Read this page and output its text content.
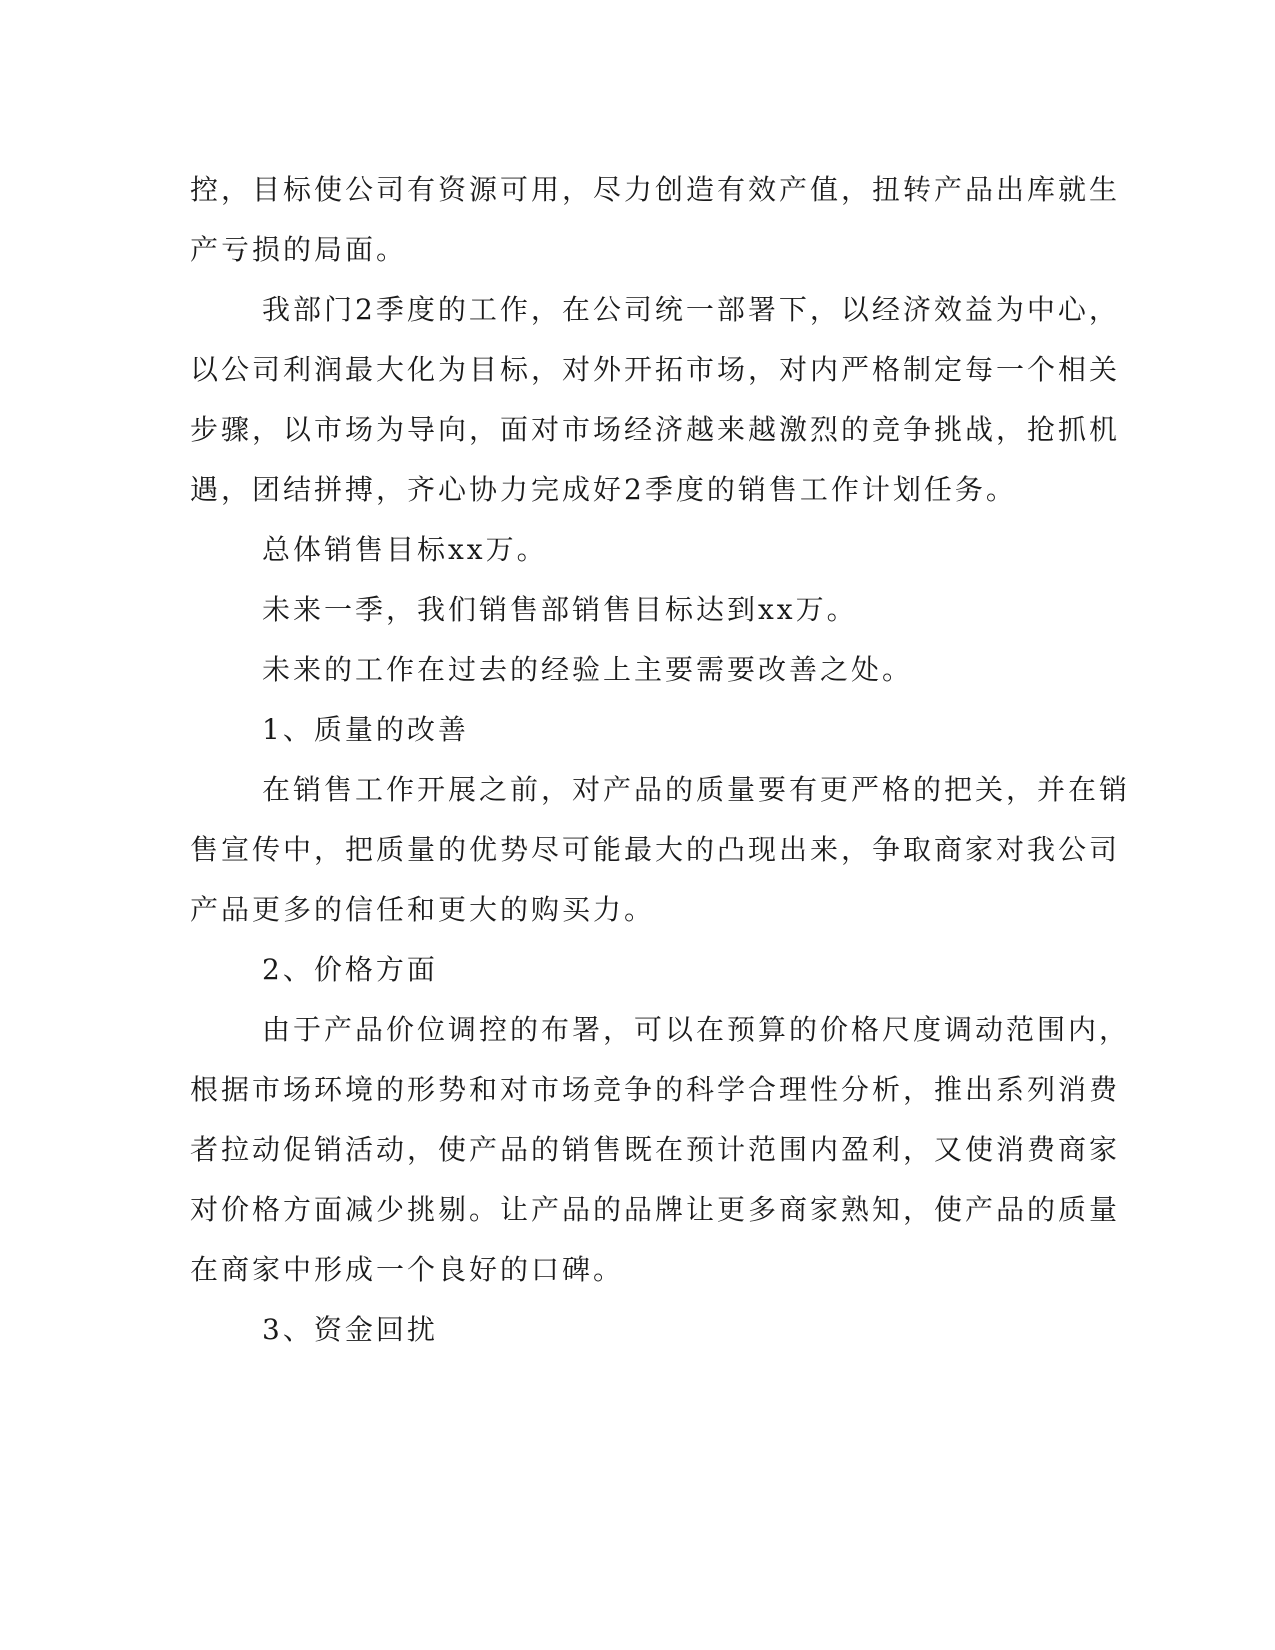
控，目标使公司有资源可用，尽力创造有效产值，扭转产品出库就生
产亏损的局面。

我部门2季度的工作，在公司统一部署下，以经济效益为中心，
以公司利润最大化为目标，对外开拓市场，对内严格制定每一个相关
步骤，以市场为导向，面对市场经济越来越激烈的竞争挑战，抢抓机
遇，团结拼搏，齐心协力完成好2季度的销售工作计划任务。

总体销售目标xx万。

未来一季，我们销售部销售目标达到xx万。

未来的工作在过去的经验上主要需要改善之处。

1、质量的改善

在销售工作开展之前，对产品的质量要有更严格的把关，并在销
售宣传中，把质量的优势尽可能最大的凸现出来，争取商家对我公司
产品更多的信任和更大的购买力。

2、价格方面

由于产品价位调控的布署，可以在预算的价格尺度调动范围内，
根据市场环境的形势和对市场竞争的科学合理性分析，推出系列消费
者拉动促销活动，使产品的销售既在预计范围内盈利，又使消费商家
对价格方面减少挑剔。让产品的品牌让更多商家熟知，使产品的质量
在商家中形成一个良好的口碑。

3、资金回扰
